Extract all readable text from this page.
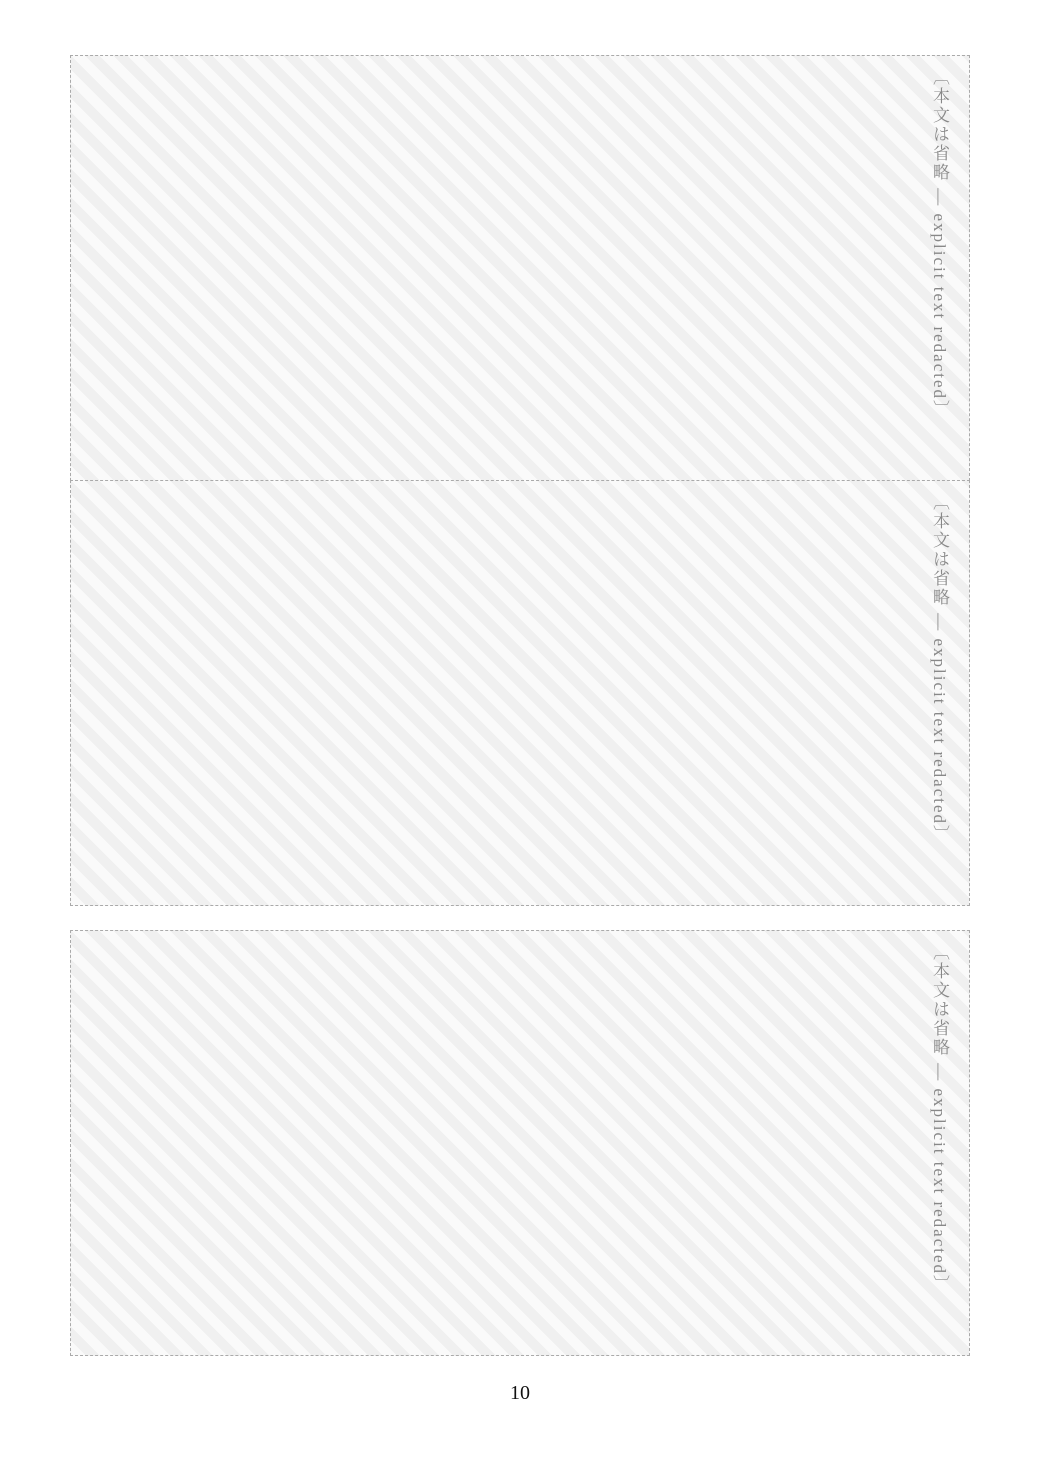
〔本文は省略 — explicit text redacted〕
〔本文は省略 — explicit text redacted〕
〔本文は省略 — explicit text redacted〕
10
